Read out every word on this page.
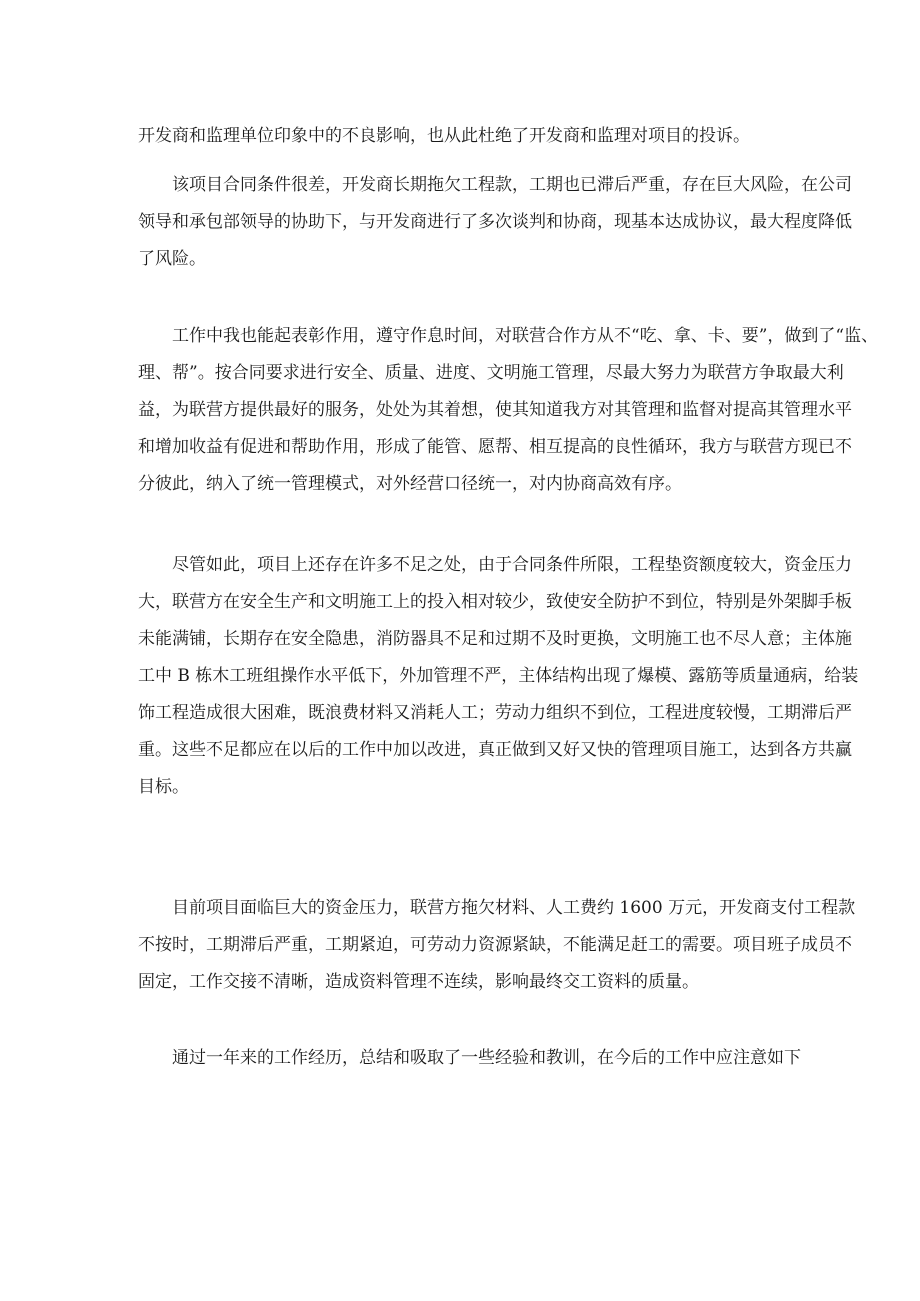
开发商和监理单位印象中的不良影响，也从此杜绝了开发商和监理对项目的投诉。
该项目合同条件很差，开发商长期拖欠工程款，工期也已滞后严重，存在巨大风险，在公司
领导和承包部领导的协助下，与开发商进行了多次谈判和协商，现基本达成协议，最大程度降低
了风险。
工作中我也能起表彰作用，遵守作息时间，对联营合作方从不“吃、拿、卡、要”，做到了“监、
理、帮”。按合同要求进行安全、质量、进度、文明施工管理，尽最大努力为联营方争取最大利
益，为联营方提供最好的服务，处处为其着想，使其知道我方对其管理和监督对提高其管理水平
和增加收益有促进和帮助作用，形成了能管、愿帮、相互提高的良性循环，我方与联营方现已不
分彼此，纳入了统一管理模式，对外经营口径统一，对内协商高效有序。
尽管如此，项目上还存在许多不足之处，由于合同条件所限，工程垫资额度较大，资金压力
大，联营方在安全生产和文明施工上的投入相对较少，致使安全防护不到位，特别是外架脚手板
未能满铺，长期存在安全隐患，消防器具不足和过期不及时更换，文明施工也不尽人意；主体施
工中 B 栋木工班组操作水平低下，外加管理不严，主体结构出现了爆模、露筋等质量通病，给装
饰工程造成很大困难，既浪费材料又消耗人工；劳动力组织不到位，工程进度较慢，工期滞后严
重。这些不足都应在以后的工作中加以改进，真正做到又好又快的管理项目施工，达到各方共赢
目标。
目前项目面临巨大的资金压力，联营方拖欠材料、人工费约 1600 万元，开发商支付工程款
不按时，工期滞后严重，工期紧迫，可劳动力资源紧缺，不能满足赶工的需要。项目班子成员不
固定，工作交接不清晰，造成资料管理不连续，影响最终交工资料的质量。
通过一年来的工作经历，总结和吸取了一些经验和教训，在今后的工作中应注意如下
